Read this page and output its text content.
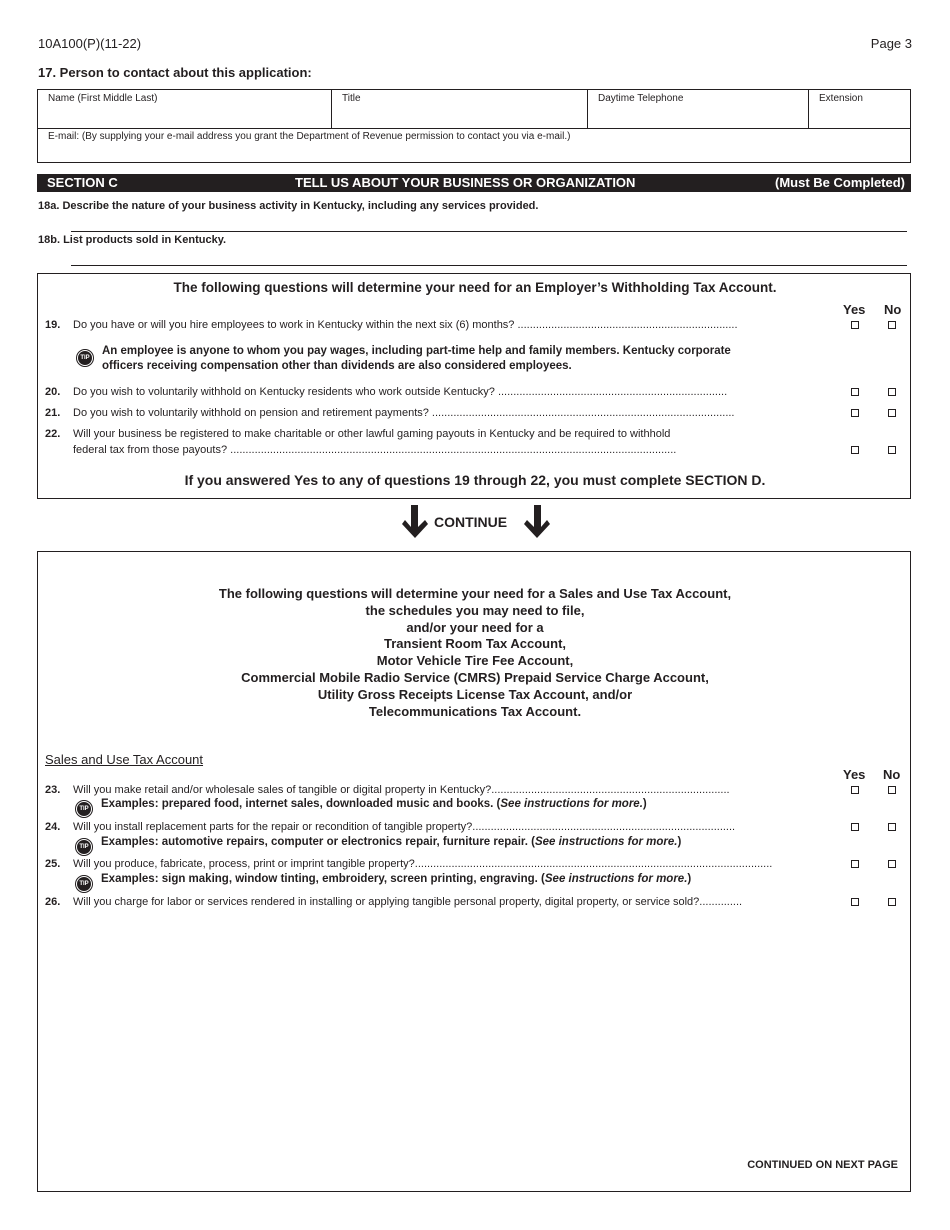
10A100(P)(11-22)	Page 3
17. Person to contact about this application:
Name (First Middle Last)	Title	Daytime Telephone	Extension
E-mail: (By supplying your e-mail address you grant the Department of Revenue permission to contact you via e-mail.)
SECTION C	TELL US ABOUT YOUR BUSINESS OR ORGANIZATION	(Must Be Completed)
18a. Describe the nature of your business activity in Kentucky, including any services provided.
18b. List products sold in Kentucky.
The following questions will determine your need for an Employer’s Withholding Tax Account.
Yes No
19. Do you have or will you hire employees to work in Kentucky within the next six (6) months? ........................................................................
TIP
An employee is anyone to whom you pay wages, including part-time help and family members. Kentucky corporate
officers receiving compensation other than dividends are also considered employees.
20. Do you wish to voluntarily withhold on Kentucky residents who work outside Kentucky? ...........................................................................
21. Do you wish to voluntarily withhold on pension and retirement payments? ...................................................................................................
22. Will your business be registered to make charitable or other lawful gaming payouts in Kentucky and be required to withhold
federal tax from those payouts? ..................................................................................................................................................
If you answered Yes to any of questions 19 through 22, you must complete SECTION D.
CONTINUE
The following questions will determine your need for a Sales and Use Tax Account,
the schedules you may need to file,
and/or your need for a
Transient Room Tax Account,
Motor Vehicle Tire Fee Account,
Commercial Mobile Radio Service (CMRS) Prepaid Service Charge Account,
Utility Gross Receipts License Tax Account, and/or
Telecommunications Tax Account.
Sales and Use Tax Account
Yes No
23. Will you make retail and/or wholesale sales of tangible or digital property in Kentucky?..............................................................................
TIP Examples: prepared food, internet sales, downloaded music and books. (See instructions for more.)
24. Will you install replacement parts for the repair or recondition of tangible property?......................................................................................
TIP Examples: automotive repairs, computer or electronics repair, furniture repair. (See instructions for more.)
25. Will you produce, fabricate, process, print or imprint tangible property?.....................................................................................................................
TIP Examples: sign making, window tinting, embroidery, screen printing, engraving. (See instructions for more.)
26. Will you charge for labor or services rendered in installing or applying tangible personal property, digital property, or service sold?..............
CONTINUED ON NEXT PAGE
